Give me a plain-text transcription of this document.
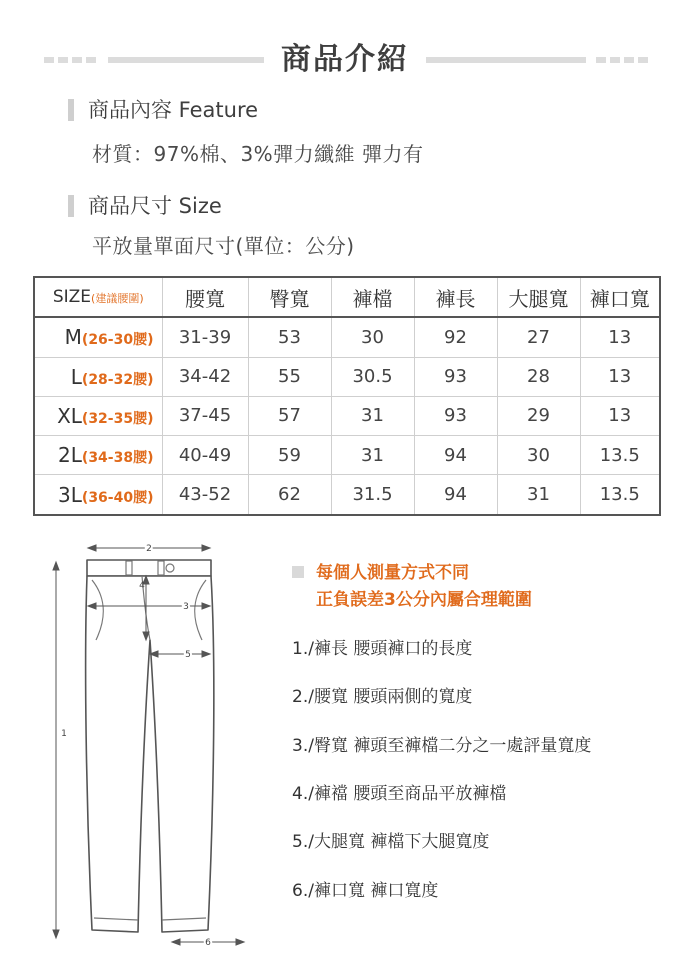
商品介紹
商品內容 Feature
材質：97%棉、3%彈力纖維 彈力有
商品尺寸 Size
平放量單面尺寸(單位：公分)
SIZE(建議腰圍)	腰寬	臀寬	褲檔	褲長	大腿寬	褲口寬
M(26-30腰)	31-39	53	30	92	27	13
L(28-32腰)	34-42	55	30.5	93	28	13
XL(32-35腰)	37-45	57	31	93	29	13
2L(34-38腰)	40-49	59	31	94	30	13.5
3L(36-40腰)	43-52	62	31.5	94	31	13.5
1
2
3
4
5
6
每個人測量方式不同
正負誤差3公分內屬合理範圍
1./褲長 腰頭褲口的長度
2./腰寬 腰頭兩側的寬度
3./臀寬 褲頭至褲檔二分之一處評量寬度
4./褲襠 腰頭至商品平放褲檔
5./大腿寬 褲檔下大腿寬度
6./褲口寬 褲口寬度
